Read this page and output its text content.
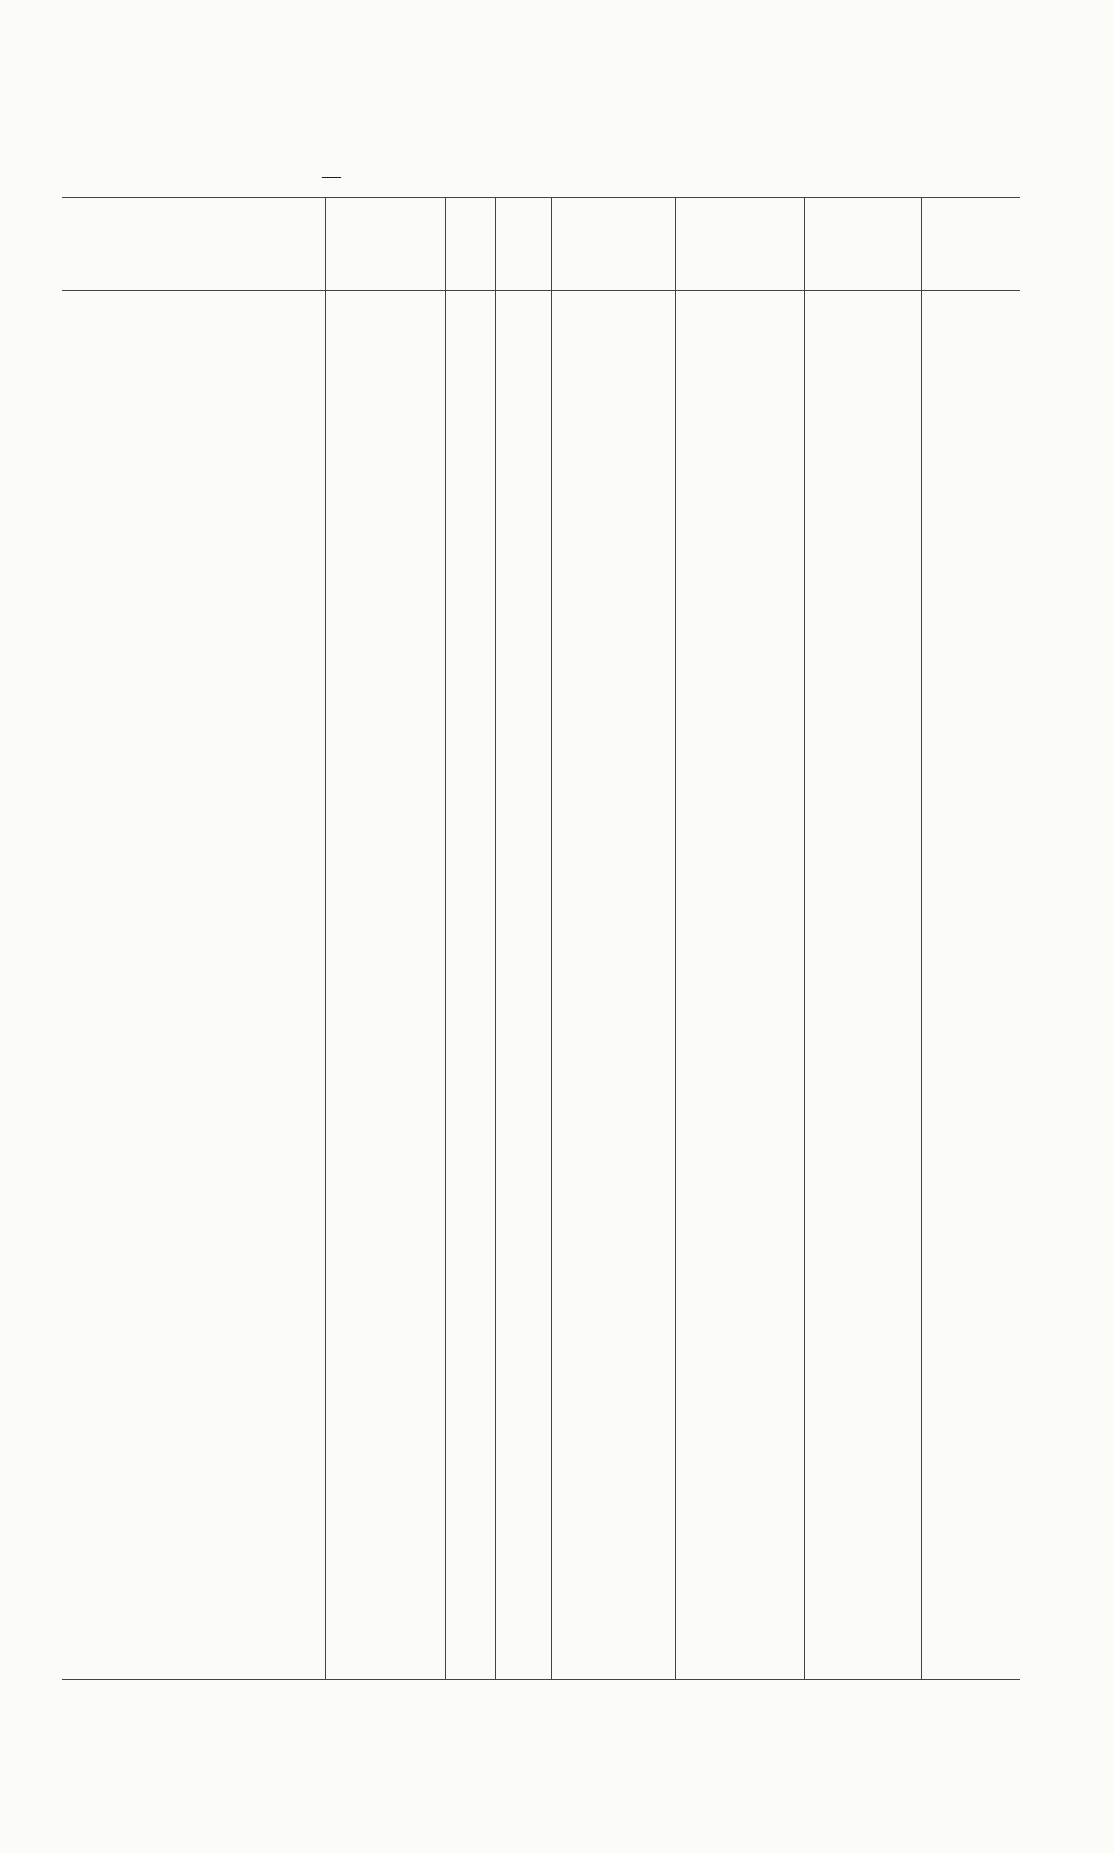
—
